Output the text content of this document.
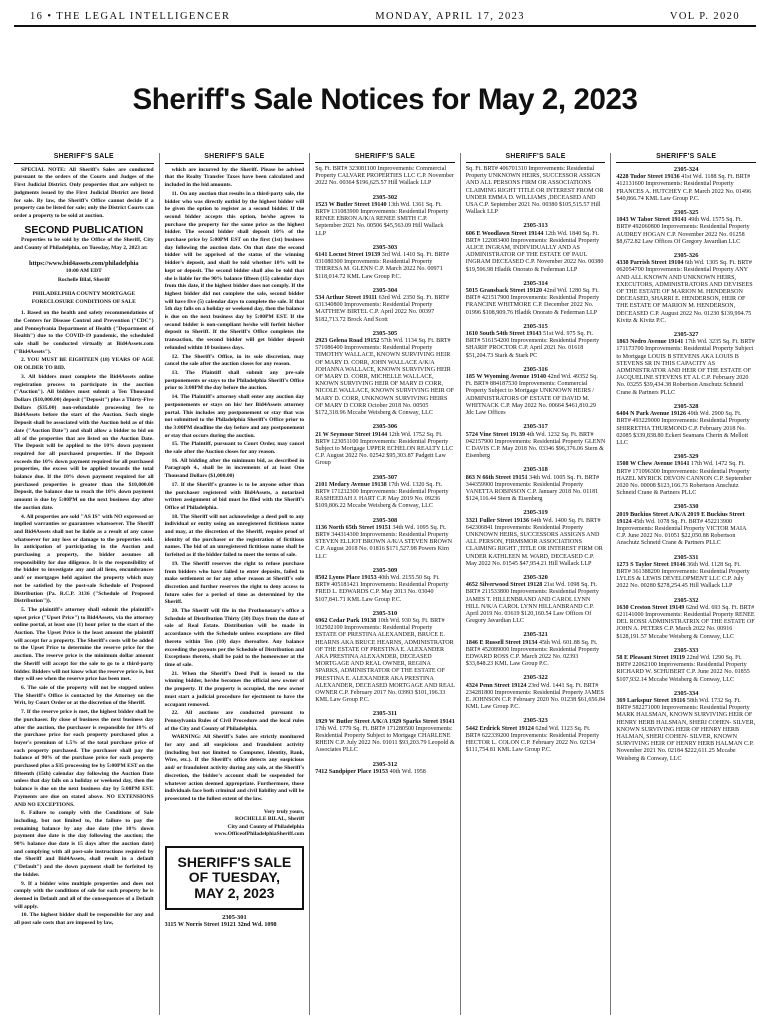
16 • THE LEGAL INTELLIGENCER	MONDAY, APRIL 17, 2023	VOL P. 2020
Sheriff's Sale Notices for May 2, 2023
SHERIFF'S SALE

SPECIAL NOTE: All Sheriff's Sales are conducted pursuant to the orders of the Courts and Judges of the First Judicial District. Only properties that are subject to judgments issued by the First Judicial District are listed for sale. By law, the Sheriff's Office cannot decide if a property can be listed for sale; only the District Courts can order a property to be sold at auction.

SECOND PUBLICATION

Properties to be sold by the Office of the Sheriff, City and County of Philadelphia, on Tuesday, May 2, 2023 at:

https://www.bid4assets.com/philadelphia

10:00 AM EDT

Rochelle Bilal, Sheriff

PHILADELPHIA COUNTY MORTGAGE FORECLOSURE CONDITIONS OF SALE

1. Based on the health and safety recommendations of the Centers for Disease Control and Prevention ("CDC") and Pennsylvania Department of Health ("Department of Health") due to the COVID-19 pandemic, the scheduled sale shall be conducted virtually at Bid4Assets.com ("Bid4Assets").

2. YOU MUST BE EIGHTEEN (18) YEARS OF AGE OR OLDER TO BID.

3. All bidders must complete the Bid4Assets online registration process to participate in the auction ("Auction"). All bidders must submit a Ten Thousand Dollars ($10,000.00) deposit ("Deposit") plus a Thirty-Five Dollars ($35.00) non-refundable processing fee to Bid4Assets before the start of the Auction. Such single Deposit shall be associated with the Auction held as of this date ("Auction Date") and shall allow a bidder to bid on all of the properties that are listed on the Auction Date. The Deposit will be applied to the 10% down payment required for all purchased properties. If the Deposit exceeds the 10% down payment required for all purchased properties, the excess will be applied towards the total balance due. If the 10% down payment required for all purchased properties is greater than the $10,000.00 Deposit, the balance due to reach the 10% down payment amount is due by 5:00PM on the next business day after the auction date.

4. All properties are sold "AS IS" with NO expressed or implied warranties or guarantees whatsoever. The Sheriff and Bid4Assets shall not be liable as a result of any cause whatsoever for any loss or damage to the properties sold. In anticipation of participating in the Auction and purchasing a property, the bidder assumes all responsibility for due diligence. It is the responsibility of the bidder to investigate any and all liens, encumbrances and/ or mortgages held against the property which may not be satisfied by the post-sale Schedule of Proposed Distribution (Pa. R.C.P. 3136 ("Schedule of Proposed Distribution")).

5. The plaintiff's attorney shall submit the plaintiff's upset price ("Upset Price") to Bid4Assets, via the attorney online portal, at least one (1) hour prior to the start of the Auction. The Upset Price is the least amount the plaintiff will accept for a property. The Sheriff's costs will be added to the Upset Price to determine the reserve price for the auction. The reserve price is the minimum dollar amount the Sheriff will accept for the sale to go to a third-party bidder. Bidders will not know what the reserve price is, but they will see when the reserve price has been met.

6. The sale of the property will not be stopped unless The Sheriff's Office is contacted by the Attorney on the Writ, by Court Order or at the discretion of the Sheriff.

7. If the reserve price is met, the highest bidder shall be the purchaser. By close of business the next business day after the auction, the purchaser is responsible for 10% of the purchase price for each property purchased plus a buyer's premium of 1.5% of the total purchase price of each property purchased. The purchaser shall pay the balance of 90% of the purchase price for each property purchased plus a $35 processing fee by 5:00PM EST on the fifteenth (15th) calendar day following the Auction Date unless that day falls on a holiday or weekend day, then the balance is due on the next business day by 5:00PM EST. Payments are due on stated above. NO EXTENSIONS AND NO EXCEPTIONS.

8. Failure to comply with the Conditions of Sale including, but not limited to, the failure to pay the remaining balance by any due date (the 10% down payment due date is the day following the auction; the 90% balance due date is 15 days after the auction date) and complying with all post-sale instructions required by the Sheriff and Bid4Assets, shall result in a default ("Default") and the down payment shall be forfeited by the bidder.

9. If a bidder wins multiple properties and does not comply with the conditions of sale for each property he is deemed in Default and all of the consequences of a Default will apply.

10. The highest bidder shall be responsible for any and all post sale costs that are imposed by law,

SHERIFF'S SALE

which are incurred by the Sheriff. Please be advised that the Realty Transfer Taxes have been calculated and included in the bid amounts.

11. On any auction that results in a third-party sale, the bidder who was directly outbid by the highest bidder will be given the option to register as a second bidder. If the second bidder accepts this option, he/she agrees to purchase the property for the same price as the highest bidder. The second bidder shall deposit 10% of the purchase price by 5:00PM EST on the first (1st) business day following the auction date. On that date the second bidder will be apprised of the status of the winning bidder's deposit, and shall be told whether 10% will be kept or deposit. The second bidder shall also be told that she is liable for the 90% balance fifteen (15) calendar days from this date, if the highest bidder does not comply. If the highest bidder did not complete the sale, second bidder will have five (5) calendar days to complete the sale. If that 5th day falls on a holiday or weekend day, then the balance is due on the next business day by 5:00PM EST. If the second bidder is non-compliant he/she will forfeit his/her deposit to Sheriff. If the Sheriff's Office completes the transaction, the second bidder will get bidder deposit refunded within 10 business days.

12. The Sheriff's Office, in its sole discretion, may cancel the sale after the auction closes for any reason.

13. The Plaintiff shall submit any pre-sale postponements or stays to the Philadelphia Sheriff's Office prior to 3:00PM the day before the auction.

14. The Plaintiff's attorney shall enter any auction day postponements or stays on his/ her Bid4Assets attorney portal. This includes any postponement or stay that was not submitted to the Philadelphia Sheriff's Office prior to the 3:00PM deadline the day before and any postponement or stay that occurs during the auction.

15. The Plaintiff, pursuant to Court Order, may cancel the sale after the Auction closes for any reason.

16. All bidding after the minimum bid, as described in Paragraph 4., shall be in increments of at least One Thousand Dollars ($1,000.00)

17. If the Sheriff's grantee is to be anyone other than the purchaser registered with Bid4Assets, a notarized written assignment of bid must be filed with the Sheriff's Office of Philadelphia.

18. The Sheriff will not acknowledge a deed poll to any individual or entity using an unregistered fictitious name and may, at the discretion of the Sheriff, require proof of identity of the purchaser or the registration of fictitious names. The bid of an unregistered fictitious name shall be forfeited as if the bidder failed to meet the terms of sale.

19. The Sheriff reserves the right to refuse purchase from bidders who have failed to enter deposits, failed to make settlement or for any other reason at Sheriff's sole discretion and further reserves the right to deny access to future sales for a period of time as determined by the Sheriff.

20. The Sheriff will file in the Prothonotary's office a Schedule of Distribution Thirty (30) Days from the date of sale of Real Estate. Distribution will be made in accordance with the Schedule unless exceptions are filed thereto within Ten (10) days thereafter. Any balance exceeding the payouts per the Schedule of Distribution and Exceptions thereto, shall be paid to the homeowner at the time of sale.

21. When the Sheriff's Deed Poll is issued to the winning bidder, he/she becomes the official new owner of the property. If the property is occupied, the new owner must start a judicial procedure for ejectment to have the occupant removed.

22. All auctions are conducted pursuant to Pennsylvania Rules of Civil Procedure and the local rules of the City and County of Philadelphia.

WARNING: All Sheriff's Sales are strictly monitored for any and all suspicious and fraudulent activity (including but not limited to Computer, Identity, Bank, Wire, etc.). If the Sheriff's office detects any suspicious and/ or fraudulent activity during any sale, at the Sheriff's discretion, the bidder's account shall be suspended for whatever action deemed appropriate. Furthermore, those individuals face both criminal and civil liability and will be prosecuted to the fullest extent of the law.

Very truly yours,
ROCHELLE BILAL, Sheriff
City and County of Philadelphia
www.OfficeofPhiladelphiaSheriff.com
SHERIFF'S SALE
OF TUESDAY,
MAY 2, 2023
2305-301
3115 W Norris Street 19121 32nd Wd. 1098
SHERIFF'S SALE
Sq. Ft. BRT# 323081100 Improvements: Commercial Property CALVARE PROPERTIES LLC C.P. November 2022 No. 00364 $196,625.57 Hill Wallack LLP
2305-302
1523 W Butler Street 19140 13th Wd. 1361 Sq. Ft. BRT# 131083900 Improvements: Residential Property RENEE EBRON A/K/A RENEE SMITH C.P. September 2021 No. 00506 $45,563.09 Hill Wallack LLP
2305-303
6141 Locust Street 19139 3rd Wd. 1410 Sq. Ft. BRT# 031080300 Improvements: Residential Property THERESA M. GLENN C.P. March 2022 No. 00971 $118,014.72 KML Law Group P.C.
2305-304
534 Arthur Street 19111 63rd Wd. 2350 Sq. Ft. BRT# 631340800 Improvements: Residential Property MATTHEW BIRTEL C.P. April 2022 No. 00397 $182,713.72 Brock And Scott
2305-305
2923 Gelena Road 19152 57th Wd. 1134 Sq. Ft. BRT# 571086400 Improvements: Residential Property TIMOTHY WALLACE, KNOWN SURVIVING HEIR OF MARY D. CORR, JOHN WALLACE A/K/A JOHANNA WALLACE, KNOWN SURVIVING HEIR OF MARY D. CORR, MICHELLE WALLACE, KNOWN SURVIVING HEIR OF MARY D CORR, NICOLE WALLACE, KNOWN SURVIVING HEIR OF MARY D. CORR, UNKNOWN SURVIVING HEIRS OF MARY D CORR October 2018 No. 00505 $172,318.96 Mccabe Weisberg & Conway, LLC
2305-306
21 W Seymour Street 19144 12th Wd. 1752 Sq. Ft. BRT# 123051100 Improvements: Residential Property Subject to Mortgage UPPER ECHELON REALTY LLC C.P. August 2022 No. 02542 $95,303.87 Padgett Law Group
2305-307
2101 Medary Avenue 19138 17th Wd. 1320 Sq. Ft. BRT# 171232300 Improvements: Residential Property RASHEEDAH J. HART C.P. May 2019 No. 09236 $109,806.22 Mccabe Weisberg & Conway, LLC
2305-308
1136 North 65th Street 19151 34th Wd. 1095 Sq. Ft. BRT# 344314300 Improvements: Residential Property STEVEN ELLIOT BROWN A/K/A STEVEN BROWN C.P. August 2018 No. 01816 $171,527.98 Powers Kirn LLC
2305-309
8502 Lyons Place 19153 40th Wd. 2155.50 Sq. Ft. BRT# 405181421 Improvements: Residential Property FRED L. EDWARDS C.P. May 2013 No. 03040 $107,841.71 KML Law Group P.C.
2305-310
6962 Cedar Park 19138 10th Wd. 930 Sq. Ft. BRT# 102502100 Improvements: Residential Property ESTATE OF PRESTINA ALEXANDER, BRUCE E. HEARNS AKA BRUCE HEARNS, ADMINISTRATOR OF THE ESTATE OF PRESTINA E. ALEXANDER AKA PRESTINA ALEXANDER, DECEASED MORTGAGE AND REAL OWNER, REGINA SPARKS, ADMINISTRATOR OF THE ESTATE OF PRESTINA E. ALEXANDER AKA PRESTINA ALEXANDER, DECEASED MORTGAGE AND REAL OWNER C.P. February 2017 No. 03993 $101,196.33 KML Law Group P.C.
2305-311
1929 W Butler Street A/K/A 1929 Sparks Street 19141 17th Wd. 1779 Sq. Ft. BRT# 171280500 Improvements: Residential Property Subject to Mortgage CHARLENE RHEIN C.P. July 2022 No. 01011 $93,203.79 Leopold & Associates PLLC
2305-312
7412 Sandpiper Place 19153 40th Wd. 1958
SHERIFF'S SALE
Sq. Ft. BRT# 406701310 Improvements: Residential Property UNKNOWN HEIRS, SUCCESSOR ASSIGN AND ALL PERSONS FIRM OR ASSOCIATIONS CLAIMING RIGHT TITLE OR INTEREST FROM OR UNDER EMMA D. WILLIAMS ,DECEASED AND USA C.P. September 2021 No. 00380 $105,515.57 Hill Wallack LLP
2305-313
606 E Woodlawn Street 19144 12th Wd. 1840 Sq. Ft. BRT# 122083400 Improvements: Residential Property ALICE INGRAM, INDIVIDUALLY AND AS ADMINISTRATOR OF THE ESTATE OF PAUL INGRAM DECEASED C.P. November 2022 No. 00380 $19,596.98 Hladik Onorato & Federman LLP
2305-314
5015 Gransback Street 19120 42nd Wd. 1280 Sq. Ft. BRT# 421517900 Improvements: Residential Property FRANCINE WHITMORE C.P. December 2022 No. 01996 $108,909.76 Hladik Onorato & Federman LLP
2305-315
1610 South 54th Street 19143 51st Wd. 975 Sq. Ft. BRT# 516154200 Improvements: Residential Property SHARIF PROCTOR C.P. April 2021 No. 01618 $51,204.73 Stark & Stark PC
2305-316
185 W Wyoming Avenue 19140 42nd Wd. 49352 Sq. Ft. BRT# 884187530 Improvements: Commercial Property Subject to Mortgage UNKNOWN HEIRS / ADMINISTRATORS OF ESTATE OF DAVID M. WHITNACK C.P. May 2022 No. 00664 $461,810.29 Jdc Law Offices
2305-317
5724 Vine Street 19139 4th Wd. 1232 Sq. Ft. BRT# 042157900 Improvements: Residential Property GLENN C DAVIS C.P. May 2018 No. 03346 $96,376.06 Stern & Eisenberg
2305-318
863 N 66th Street 19151 34th Wd. 1005 Sq. Ft. BRT# 344359900 Improvements: Residential Property VANETTA ROBINSON C.P. January 2018 No. 01181 $124,116.44 Stern & Eisenberg
2305-319
3321 Fuller Street 19136 64th Wd. 1400 Sq. Ft. BRT# 642306841 Improvements: Residential Property UNKNOWN HEIRS, SUCCESSORS ASSIGNS AND ALL PERSON, FIRMSMOR ASSOCIATIONS CLAIMING RIGHT ,TITLE OR INTEREST FIRM OR UNDER KATHLEEN M. WARD, DECEASED C.P. May 2022 No. 01545 $47,954.21 Hill Wallack LLP
2305-320
4652 Silverwood Street 19128 21st Wd. 1098 Sq. Ft. BRT# 211533800 Improvements: Residential Property JAMES T. HILLENBRAND AND CAROL LYNN HILL N/K/A CAROL LYNN HILLANBRAND C.P. April 2019 No. 03619 $120,160.54 Law Offices Of Gregory Javardian LLC
2305-321
1846 E Russell Street 19134 45th Wd. 601.88 Sq. Ft. BRT# 452089000 Improvements: Residential Property EDWARD ROSS C.P. March 2022 No. 02393 $33,848.23 KML Law Group P.C.
2305-322
4324 Penn Street 19124 23rd Wd. 1441 Sq. Ft. BRT# 234281800 Improvements: Residential Property JAMES E. JOHNSON C.P. February 2020 No. 01238 $61,656.84 KML Law Group P.C.
2305-323
5442 Erdrick Street 19124 62nd Wd. 1123 Sq. Ft. BRT# 622339200 Improvements: Residential Property HECTOR L. COLON C.P. February 2022 No. 02134 $111,754.81 KML Law Group P.C.
SHERIFF'S SALE
2305-324
4228 Tudor Street 19136 41st Wd. 1188 Sq. Ft. BRT# 412131600 Improvements: Residential Property FRANCES A. HUTCHEY C.P. March 2022 No. 01496 $40,866.74 KML Law Group P.C.
2305-325
1043 W Tabor Street 19141 49th Wd. 1575 Sq. Ft. BRT# 492060800 Improvements: Residential Property AUDREY HOGAN C.P. November 2022 No. 01258 $8,672.82 Law Offices Of Gregory Javardian LLC
2305-326
4338 Parrish Street 19104 6th Wd. 1305 Sq. Ft. BRT# 062054700 Improvements: Residential Property ANY AND ALL KNOWN AND UNKNOWN HEIRS, EXECUTORS, ADMINISTRATORS AND DEVISEES OF THE ESTATE OF MARION M. HENDERSON DECEASED, SHARRI E. HENDERSON, HEIR OF THE ESTATE OF MARION M. HENDERSON, DECEASED C.P. August 2022 No. 01230 $139,994.75 Kivitz & Kivitz P.C.
2305-327
1863 Nedro Avenue 19141 17th Wd. 3235 Sq. Ft. BRT# 171173700 Improvements: Residential Property Subject to Mortgage LOUIS B STEVENS AKA LOUIS B STEVENS SR IN THIS CAPACITY AS ADMINISTRATOR AND HEIR OF THE ESTATE OF JACQUELINE STEVENS ET AL C.P. February 2020 No. 03255 $39,434.38 Robertson Anschutz Schneid Crane & Partners PLLC
2305-328
6404 N Park Avenue 19126 49th Wd. 2900 Sq. Ft. BRT# 493229000 Improvements: Residential Property SHIRRETHA THURMOND C.P. February 2018 No. 02085 $339,838.80 Eckert Seamans Cherin & Mellott LLC
2305-329
1508 W Chew Avenue 19141 17th Wd. 1472 Sq. Ft. BRT# 171096300 Improvements: Residential Property HAZEL MYRICK DEVON CANNON C.P. September 2020 No. 00008 $123,166.73 Robertson Anschutz Schneid Crane & Partners PLLC
2305-330
2019 Buckius Street A/K/A 2019 E Buckius Street 19124 45th Wd. 1078 Sq. Ft. BRT# 452213900 Improvements: Residential Property VICTOR MAIA C.P. June 2022 No. 01051 $22,050.88 Robertson Anschutz Schneid Crane & Partners PLLC
2305-331
1273 S Taylor Street 19146 36th Wd. 1128 Sq. Ft. BRT# 361388200 Improvements: Residential Property LYLES & LEWIS DEVELOPMENT LLC C.P. July 2022 No. 00280 $278,254.45 Hill Wallack LLP
2305-332
1630 Creston Street 19149 62nd Wd. 693 Sq. Ft. BRT# 621141000 Improvements: Residential Property RENEE DEL ROSSI ADMINISTRATRIX OF THE ESTATE OF JOHN A. PETERS C.P. March 2022 No. 00916 $128,191.57 Mccabe Weisberg & Conway, LLC
2305-333
58 E Pleasant Street 19119 22nd Wd. 1290 Sq. Ft. BRT# 22062100 Improvements: Residential Property RICHARD W. SCHUBERT C.P. June 2022 No. 01855 $107,932.14 Mccabe Weisberg & Conway, LLC
2305-334
369 Larkspur Street 19116 58th Wd. 1732 Sq. Ft. BRT# 582271000 Improvements: Residential Property MARK HALSMAN, KNOWN SURVIVING HEIR OF HENRY HERB HALSMAN, SHERI COHEN- SILVER, KNOWN SURVIVING HEIR OF HENRY HERB HALMAN, SHERI COHEN- SILVER, KNOWN SURVIVING HEIR OF HENRY HERB HALMAN C.P. November 2021 No. 02184 $222,611.25 Mccabe Weisberg & Conway, LLC
